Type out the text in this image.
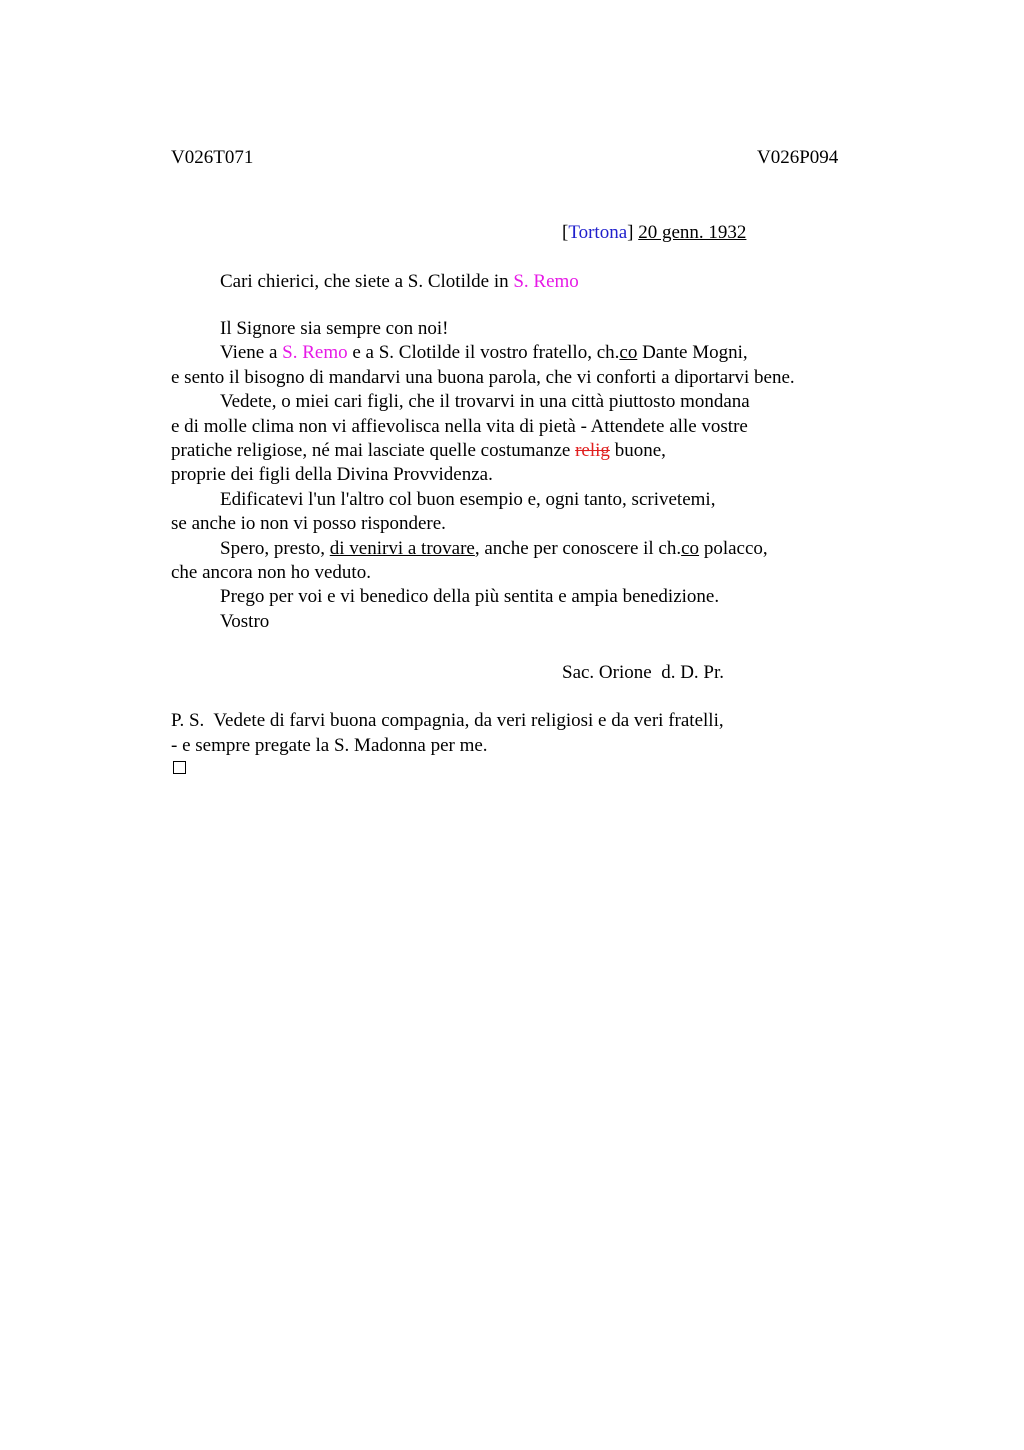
V026T071	V026P094
[Tortona] 20 genn. 1932
Cari chierici, che siete a S. Clotilde in S. Remo
Il Signore sia sempre con noi!
Viene a S. Remo e a S. Clotilde il vostro fratello, ch.co Dante Mogni,
e sento il bisogno di mandarvi una buona parola, che vi conforti a diportarvi bene.
Vedete, o miei cari figli, che il trovarvi in una città piuttosto mondana
e di molle clima non vi affievolisca nella vita di pietà - Attendete alle vostre
pratiche religiose, né mai lasciate quelle costumanze relig buone,
proprie dei figli della Divina Provvidenza.
Edificatevi l'un l'altro col buon esempio e, ogni tanto, scrivetemi,
se anche io non vi posso rispondere.
Spero, presto, di venirvi a trovare, anche per conoscere il ch.co polacco,
che ancora non ho veduto.
Prego per voi e vi benedico della più sentita e ampia benedizione.
Vostro
Sac. Orione  d. D. Pr.
P. S.  Vedete di farvi buona compagnia, da veri religiosi e da veri fratelli,
- e sempre pregate la S. Madonna per me.
